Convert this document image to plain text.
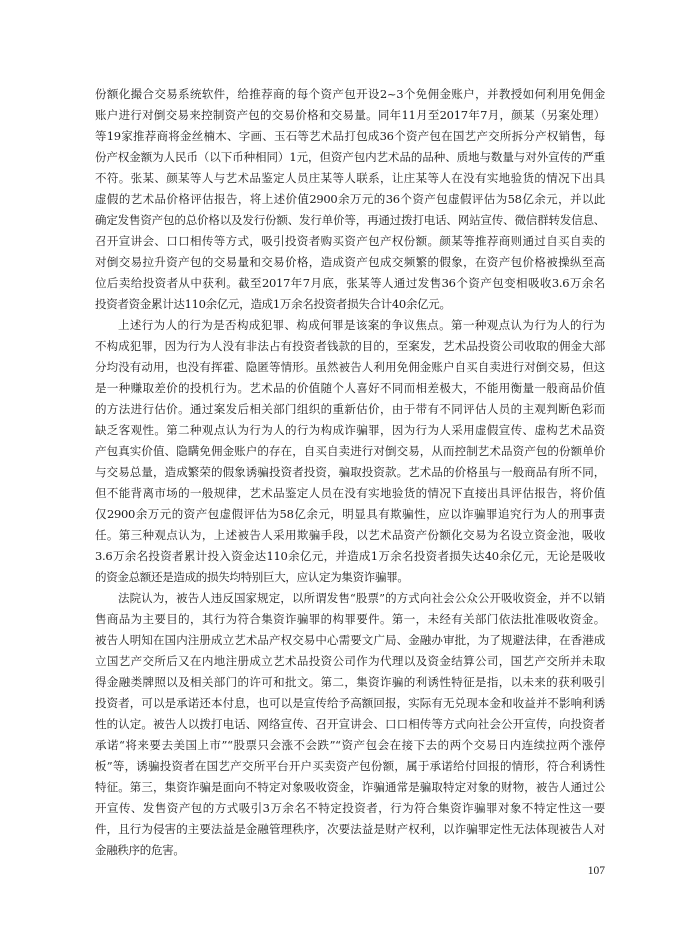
份额化撮合交易系统软件，给推荐商的每个资产包开设2~3个免佣金账户，并教授如何利用免佣金
账户进行对倒交易来控制资产包的交易价格和交易量。同年11月至2017年7月，颜某（另案处理）
等19家推荐商将金丝楠木、字画、玉石等艺术品打包成36个资产包在国艺产交所拆分产权销售，每
份产权金额为人民币（以下币种相同）1元，但资产包内艺术品的品种、质地与数量与对外宣传的严重
不符。张某、颜某等人与艺术品鉴定人员庄某等人联系，让庄某等人在没有实地验货的情况下出具
虚假的艺术品价格评估报告，将上述价值2900余万元的36个资产包虚假评估为58亿余元，并以此
确定发售资产包的总价格以及发行份额、发行单价等，再通过拨打电话、网站宣传、微信群转发信息、
召开宣讲会、口口相传等方式，吸引投资者购买资产包产权份额。颜某等推荐商则通过自买自卖的
对倒交易拉升资产包的交易量和交易价格，造成资产包成交频繁的假象，在资产包价格被操纵至高
位后卖给投资者从中获利。截至2017年7月底，张某等人通过发售36个资产包变相吸收3.6万余名
投资者资金累计达110余亿元，造成1万余名投资者损失合计40余亿元。
上述行为人的行为是否构成犯罪、构成何罪是该案的争议焦点。第一种观点认为行为人的行为
不构成犯罪，因为行为人没有非法占有投资者钱款的目的，至案发，艺术品投资公司收取的佣金大部
分均没有动用，也没有挥霍、隐匿等情形。虽然被告人利用免佣金账户自买自卖进行对倒交易，但这
是一种赚取差价的投机行为。艺术品的价值随个人喜好不同而相差极大，不能用衡量一般商品价值
的方法进行估价。通过案发后相关部门组织的重新估价，由于带有不同评估人员的主观判断色彩而
缺乏客观性。第二种观点认为行为人的行为构成诈骗罪，因为行为人采用虚假宣传、虚构艺术品资
产包真实价值、隐瞒免佣金账户的存在，自买自卖进行对倒交易，从而控制艺术品资产包的份额单价
与交易总量，造成繁荣的假象诱骗投资者投资，骗取投资款。艺术品的价格虽与一般商品有所不同，
但不能背离市场的一般规律，艺术品鉴定人员在没有实地验货的情况下直接出具评估报告，将价值
仅2900余万元的资产包虚假评估为58亿余元，明显具有欺骗性，应以诈骗罪追究行为人的刑事责
任。第三种观点认为，上述被告人采用欺骗手段，以艺术品资产份额化交易为名设立资金池，吸收
3.6万余名投资者累计投入资金达110余亿元，并造成1万余名投资者损失达40余亿元，无论是吸收
的资金总额还是造成的损失均特别巨大，应认定为集资诈骗罪。
法院认为，被告人违反国家规定，以所谓发售“股票”的方式向社会公众公开吸收资金，并不以销
售商品为主要目的，其行为符合集资诈骗罪的构罪要件。第一，未经有关部门依法批准吸收资金。
被告人明知在国内注册成立艺术品产权交易中心需要文广局、金融办审批，为了规避法律，在香港成
立国艺产交所后又在内地注册成立艺术品投资公司作为代理以及资金结算公司，国艺产交所并未取
得金融类牌照以及相关部门的许可和批文。第二，集资诈骗的利诱性特征是指，以未来的获利吸引
投资者，可以是承诺还本付息，也可以是宣传给予高额回报，实际有无兑现本金和收益并不影响利诱
性的认定。被告人以拨打电话、网络宣传、召开宣讲会、口口相传等方式向社会公开宣传，向投资者
承诺“将来要去美国上市”“股票只会涨不会跌”“资产包会在接下去的两个交易日内连续拉两个涨停
板”等，诱骗投资者在国艺产交所平台开户买卖资产包份额，属于承诺给付回报的情形，符合利诱性
特征。第三，集资诈骗是面向不特定对象吸收资金，诈骗通常是骗取特定对象的财物，被告人通过公
开宣传、发售资产包的方式吸引3万余名不特定投资者，行为符合集资诈骗罪对象不特定性这一要
件，且行为侵害的主要法益是金融管理秩序，次要法益是财产权利，以诈骗罪定性无法体现被告人对
金融秩序的危害。
107
